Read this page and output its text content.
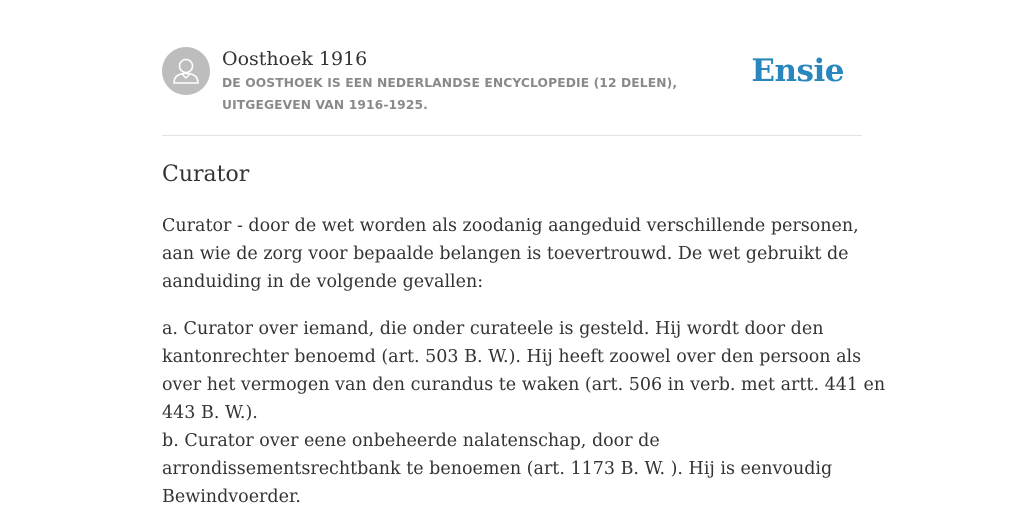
Oosthoek 1916
DE OOSTHOEK IS EEN NEDERLANDSE ENCYCLOPEDIE (12 DELEN), UITGEGEVEN VAN 1916-1925.
Ensie
Curator

Curator - door de wet worden als zoodanig aangeduid verschillende personen,
aan wie de zorg voor bepaalde belangen is toevertrouwd. De wet gebruikt de
aanduiding in de volgende gevallen:

a. Curator over iemand, die onder curateele is gesteld. Hij wordt door den
kantonrechter benoemd (art. 503 B. W.). Hij heeft zoowel over den persoon als
over het vermogen van den curandus te waken (art. 506 in verb. met artt. 441 en
443 B. W.).
b. Curator over eene onbeheerde nalatenschap, door de
arrondissementsrechtbank te benoemen (art. 1173 B. W. ). Hij is eenvoudig
Bewindvoerder.
